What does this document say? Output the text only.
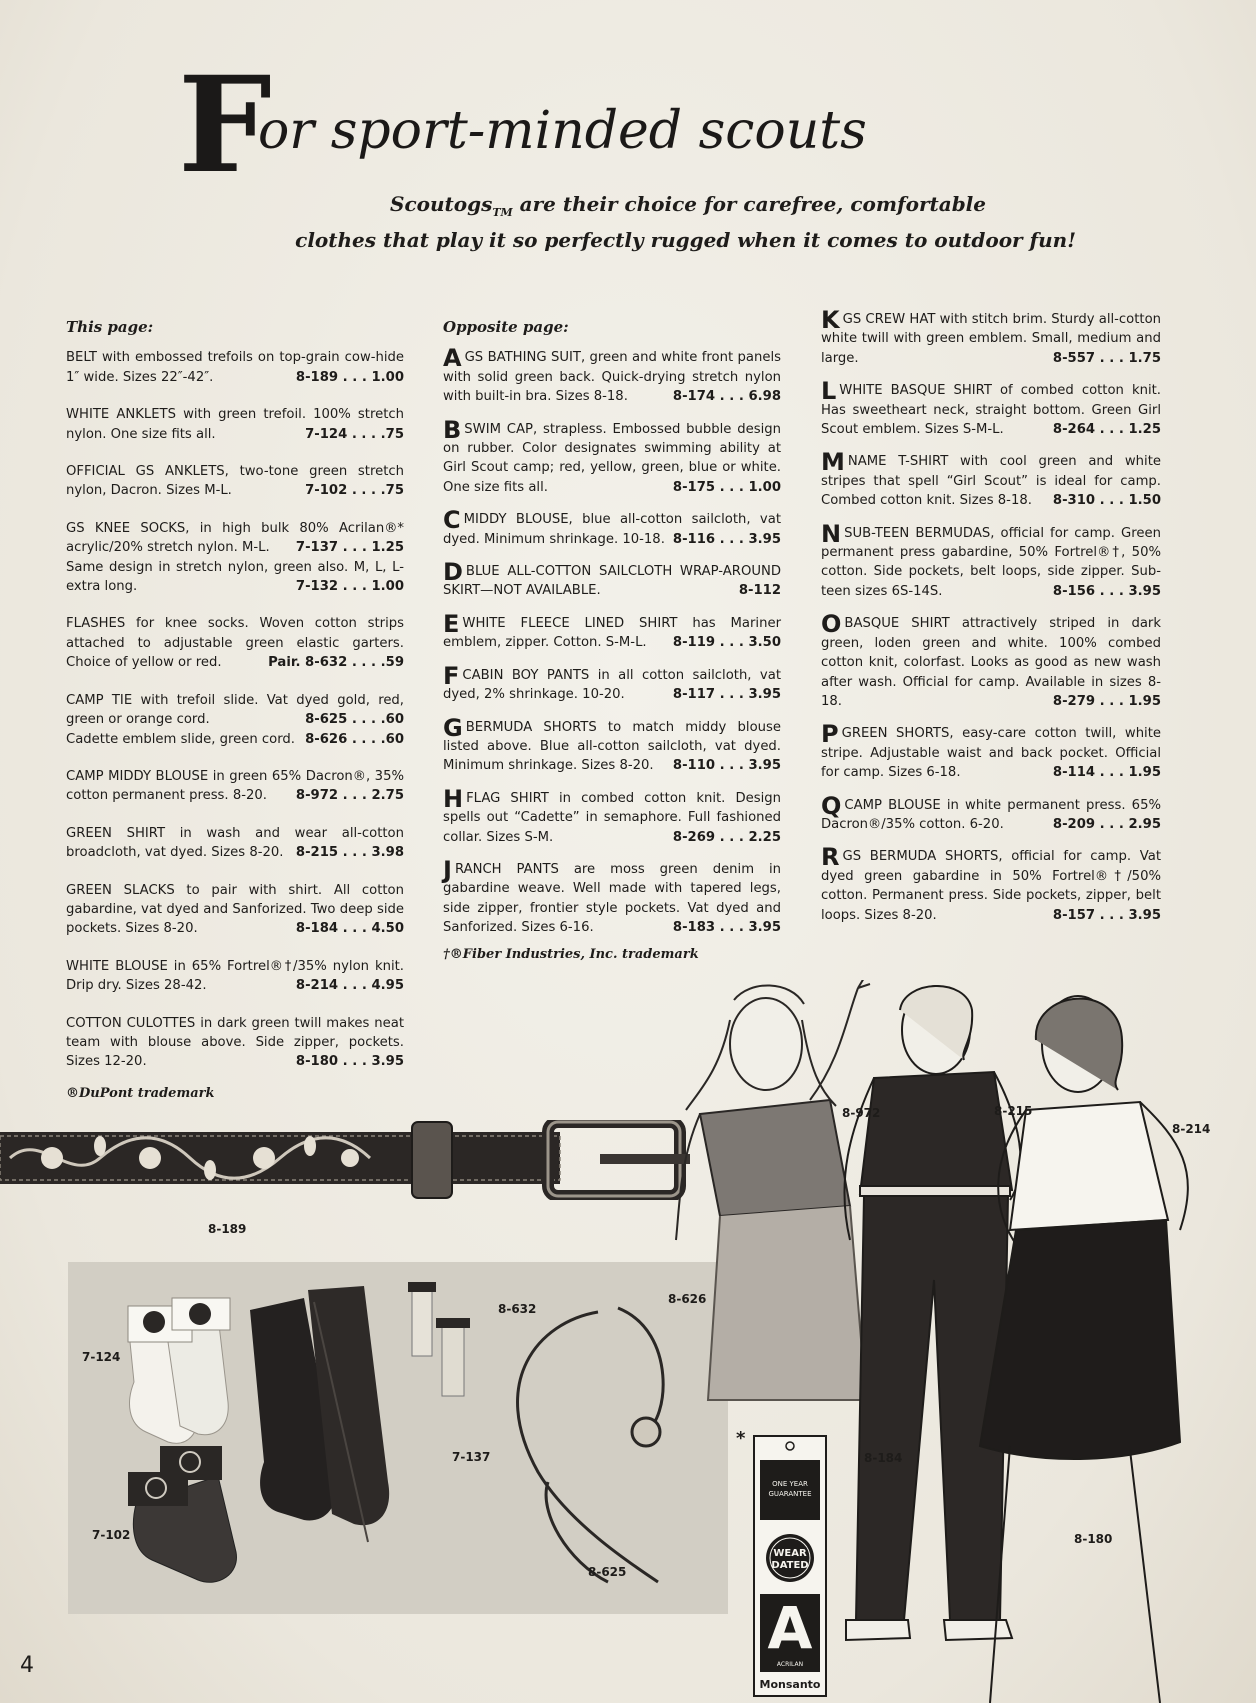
F
or sport-minded scouts
Scoutogs$_{TM}$ are their choice for carefree, comfortable
clothes that play it so perfectly rugged when it comes to outdoor fun!
This page:
BELT with embossed trefoils on top-grain cow-hide 1″ wide. Sizes 22″-42″.	8-189 . . . 1.00
WHITE ANKLETS with green trefoil. 100% stretch nylon. One size fits all.	7-124 . . . .75
OFFICIAL GS ANKLETS, two-tone green stretch nylon, Dacron. Sizes M-L.	7-102 . . . .75
GS KNEE SOCKS, in high bulk 80% Acrilan®* acrylic/20% stretch nylon. M-L. 7-137 . . . 1.25
Same design in stretch nylon, green also. M, L, L-extra long.	7-132 . . . 1.00
FLASHES for knee socks. Woven cotton strips attached to adjustable green elastic garters. Choice of yellow or red.	Pair. 8-632 . . . .59
CAMP TIE with trefoil slide. Vat dyed gold, red, green or orange cord.	8-625 . . . .60
Cadette emblem slide, green cord. 8-626 . . . .60
CAMP MIDDY BLOUSE in green 65% Dacron®, 35% cotton permanent press. 8-20. 8-972 . . . 2.75
GREEN SHIRT in wash and wear all-cotton broadcloth, vat dyed. Sizes 8-20. 8-215 . . . 3.98
GREEN SLACKS to pair with shirt. All cotton gabardine, vat dyed and Sanforized. Two deep side pockets. Sizes 8-20.	8-184 . . . 4.50
WHITE BLOUSE in 65% Fortrel®†/35% nylon knit. Drip dry. Sizes 28-42.	8-214 . . . 4.95
COTTON CULOTTES in dark green twill makes neat team with blouse above. Side zipper, pockets. Sizes 12-20.	8-180 . . . 3.95
®DuPont trademark
Opposite page:
AGS BATHING SUIT, green and white front panels with solid green back. Quick-drying stretch nylon with built-in bra. Sizes 8-18.	8-174 . . . 6.98
BSWIM CAP, strapless. Embossed bubble design on rubber. Color designates swimming ability at Girl Scout camp; red, yellow, green, blue or white. One size fits all.	8-175 . . . 1.00
CMIDDY BLOUSE, blue all-cotton sailcloth, vat dyed. Minimum shrinkage. 10-18. 8-116 . . . 3.95
DBLUE ALL-COTTON SAILCLOTH WRAP-AROUND SKIRT—NOT AVAILABLE.	8-112
EWHITE FLEECE LINED SHIRT has Mariner emblem, zipper. Cotton. S-M-L. 8-119 . . . 3.50
FCABIN BOY PANTS in all cotton sailcloth, vat dyed, 2% shrinkage. 10-20.	8-117 . . . 3.95
GBERMUDA SHORTS to match middy blouse listed above. Blue all-cotton sailcloth, vat dyed. Minimum shrinkage. Sizes 8-20. 8-110 . . . 3.95
HFLAG SHIRT in combed cotton knit. Design spells out “Cadette” in semaphore. Full fashioned collar. Sizes S-M.	8-269 . . . 2.25
JRANCH PANTS are moss green denim in gabardine weave. Well made with tapered legs, side zipper, frontier style pockets. Vat dyed and Sanforized. Sizes 6-16.	8-183 . . . 3.95
†®Fiber Industries, Inc. trademark
KGS CREW HAT with stitch brim. Sturdy all-cotton white twill with green emblem. Small, medium and large.	8-557 . . . 1.75
LWHITE BASQUE SHIRT of combed cotton knit. Has sweetheart neck, straight bottom. Green Girl Scout emblem. Sizes S-M-L.	8-264 . . . 1.25
MNAME T-SHIRT with cool green and white stripes that spell “Girl Scout” is ideal for camp. Combed cotton knit. Sizes 8-18. 8-310 . . . 1.50
NSUB-TEEN BERMUDAS, official for camp. Green permanent press gabardine, 50% Fortrel®†, 50% cotton. Side pockets, belt loops, side zipper. Sub-teen sizes 6S-14S.	8-156 . . . 3.95
OBASQUE SHIRT attractively striped in dark green, loden green and white. 100% combed cotton knit, colorfast. Looks as good as new wash after wash. Official for camp. Available in sizes 8-18.	8-279 . . . 1.95
PGREEN SHORTS, easy-care cotton twill, white stripe. Adjustable waist and back pocket. Official for camp. Sizes 6-18.	8-114 . . . 1.95
QCAMP BLOUSE in white permanent press. 65% Dacron®/35% cotton. 6-20.	8-209 . . . 2.95
RGS BERMUDA SHORTS, official for camp. Vat dyed green gabardine in 50% Fortrel®†/50% cotton. Permanent press. Side pockets, zipper, belt loops. Sizes 8-20.	8-157 . . . 3.95
8-189
7-124
7-102
7-137
8-632
8-626
8-625
*
ONE YEAR
GUARANTEE
WEAR
DATED
A
ACRILAN
Monsanto
8-972	8-215
8-214
8-184
8-180
4
